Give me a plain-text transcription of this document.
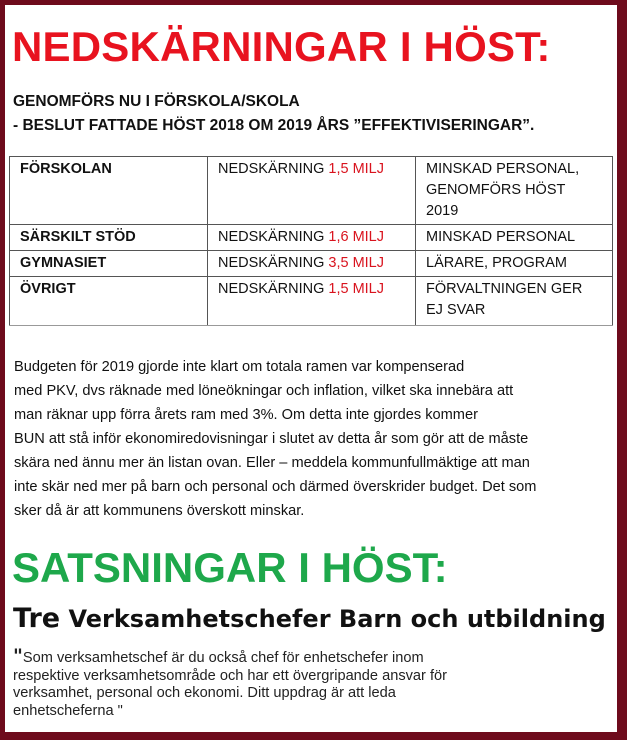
NEDSKÄRNINGAR I HÖST:
GENOMFÖRS NU I FÖRSKOLA/SKOLA
- BESLUT FATTADE HÖST 2018 OM 2019 ÅRS ”EFFEKTIVISERINGAR”.
FÖRSKOLAN	NEDSKÄRNING 1,5 MILJ	MINSKAD PERSONAL,
GENOMFÖRS HÖST
2019

SÄRSKILT STÖD	NEDSKÄRNING 1,6 MILJ	MINSKAD PERSONAL

GYMNASIET	NEDSKÄRNING 3,5 MILJ	LÄRARE, PROGRAM

ÖVRIGT	NEDSKÄRNING 1,5 MILJ	FÖRVALTNINGEN GER
EJ SVAR
Budgeten för 2019 gjorde inte klart om totala ramen var kompenserad
med PKV, dvs räknade med löneökningar och inflation, vilket ska innebära att
man räknar upp förra årets ram med 3%. Om detta inte gjordes kommer
BUN att stå inför ekonomiredovisningar i slutet av detta år som gör att de måste
skära ned ännu mer än listan ovan. Eller – meddela kommunfullmäktige att man
inte skär ned mer på barn och personal och därmed överskrider budget. Det som
sker då är att kommunens överskott minskar.
SATSNINGAR I HÖST:
Tre Verksamhetschefer Barn och utbildning
"Som verksamhetschef är du också chef för enhetschefer inom
respektive verksamhetsområde och har ett övergripande ansvar för
verksamhet, personal och ekonomi. Ditt uppdrag är att leda
enhetscheferna "
